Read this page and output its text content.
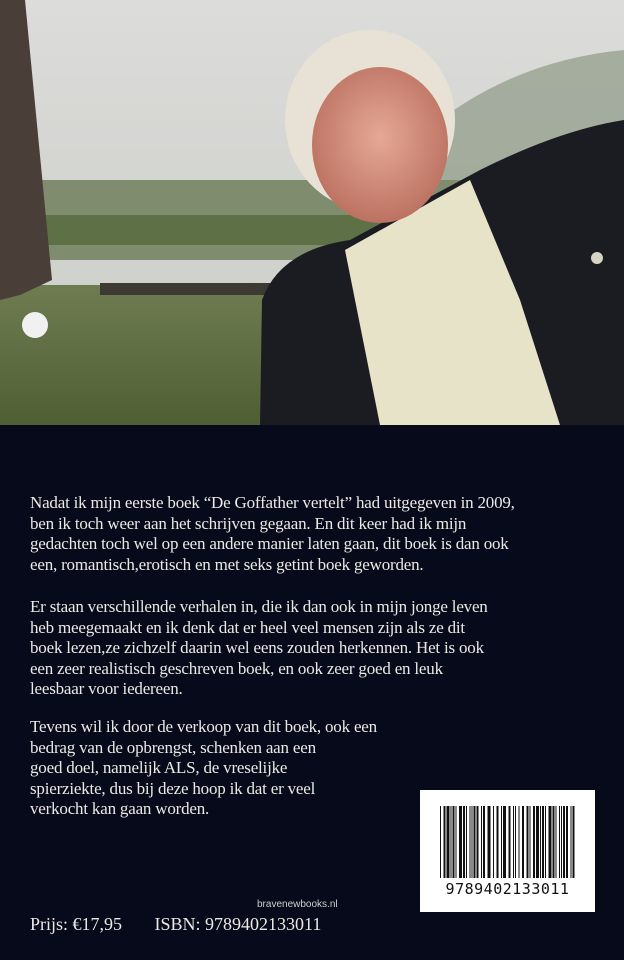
Nadat ik mijn eerste boek “De Goffather vertelt” had uitgegeven in 2009,
ben ik toch weer aan het schrijven gegaan. En dit keer had ik mijn
gedachten toch wel op een andere manier laten gaan, dit boek is dan ook
een, romantisch,erotisch en met seks getint boek geworden.
Er staan verschillende verhalen in, die ik dan ook in mijn jonge leven
heb meegemaakt en ik denk dat er heel veel mensen zijn als ze dit
boek lezen,ze zichzelf daarin wel eens zouden herkennen. Het is ook
een zeer realistisch geschreven boek, en ook zeer goed en leuk
leesbaar voor iedereen.
Tevens wil ik door de verkoop van dit boek, ook een
bedrag van de opbrengst, schenken aan een
goed doel, namelijk ALS, de vreselijke
spierziekte, dus bij deze hoop ik dat er veel
verkocht kan gaan worden.
9789402133011
bravenewbooks.nl
Prijs: €17,95 ISBN: 9789402133011
